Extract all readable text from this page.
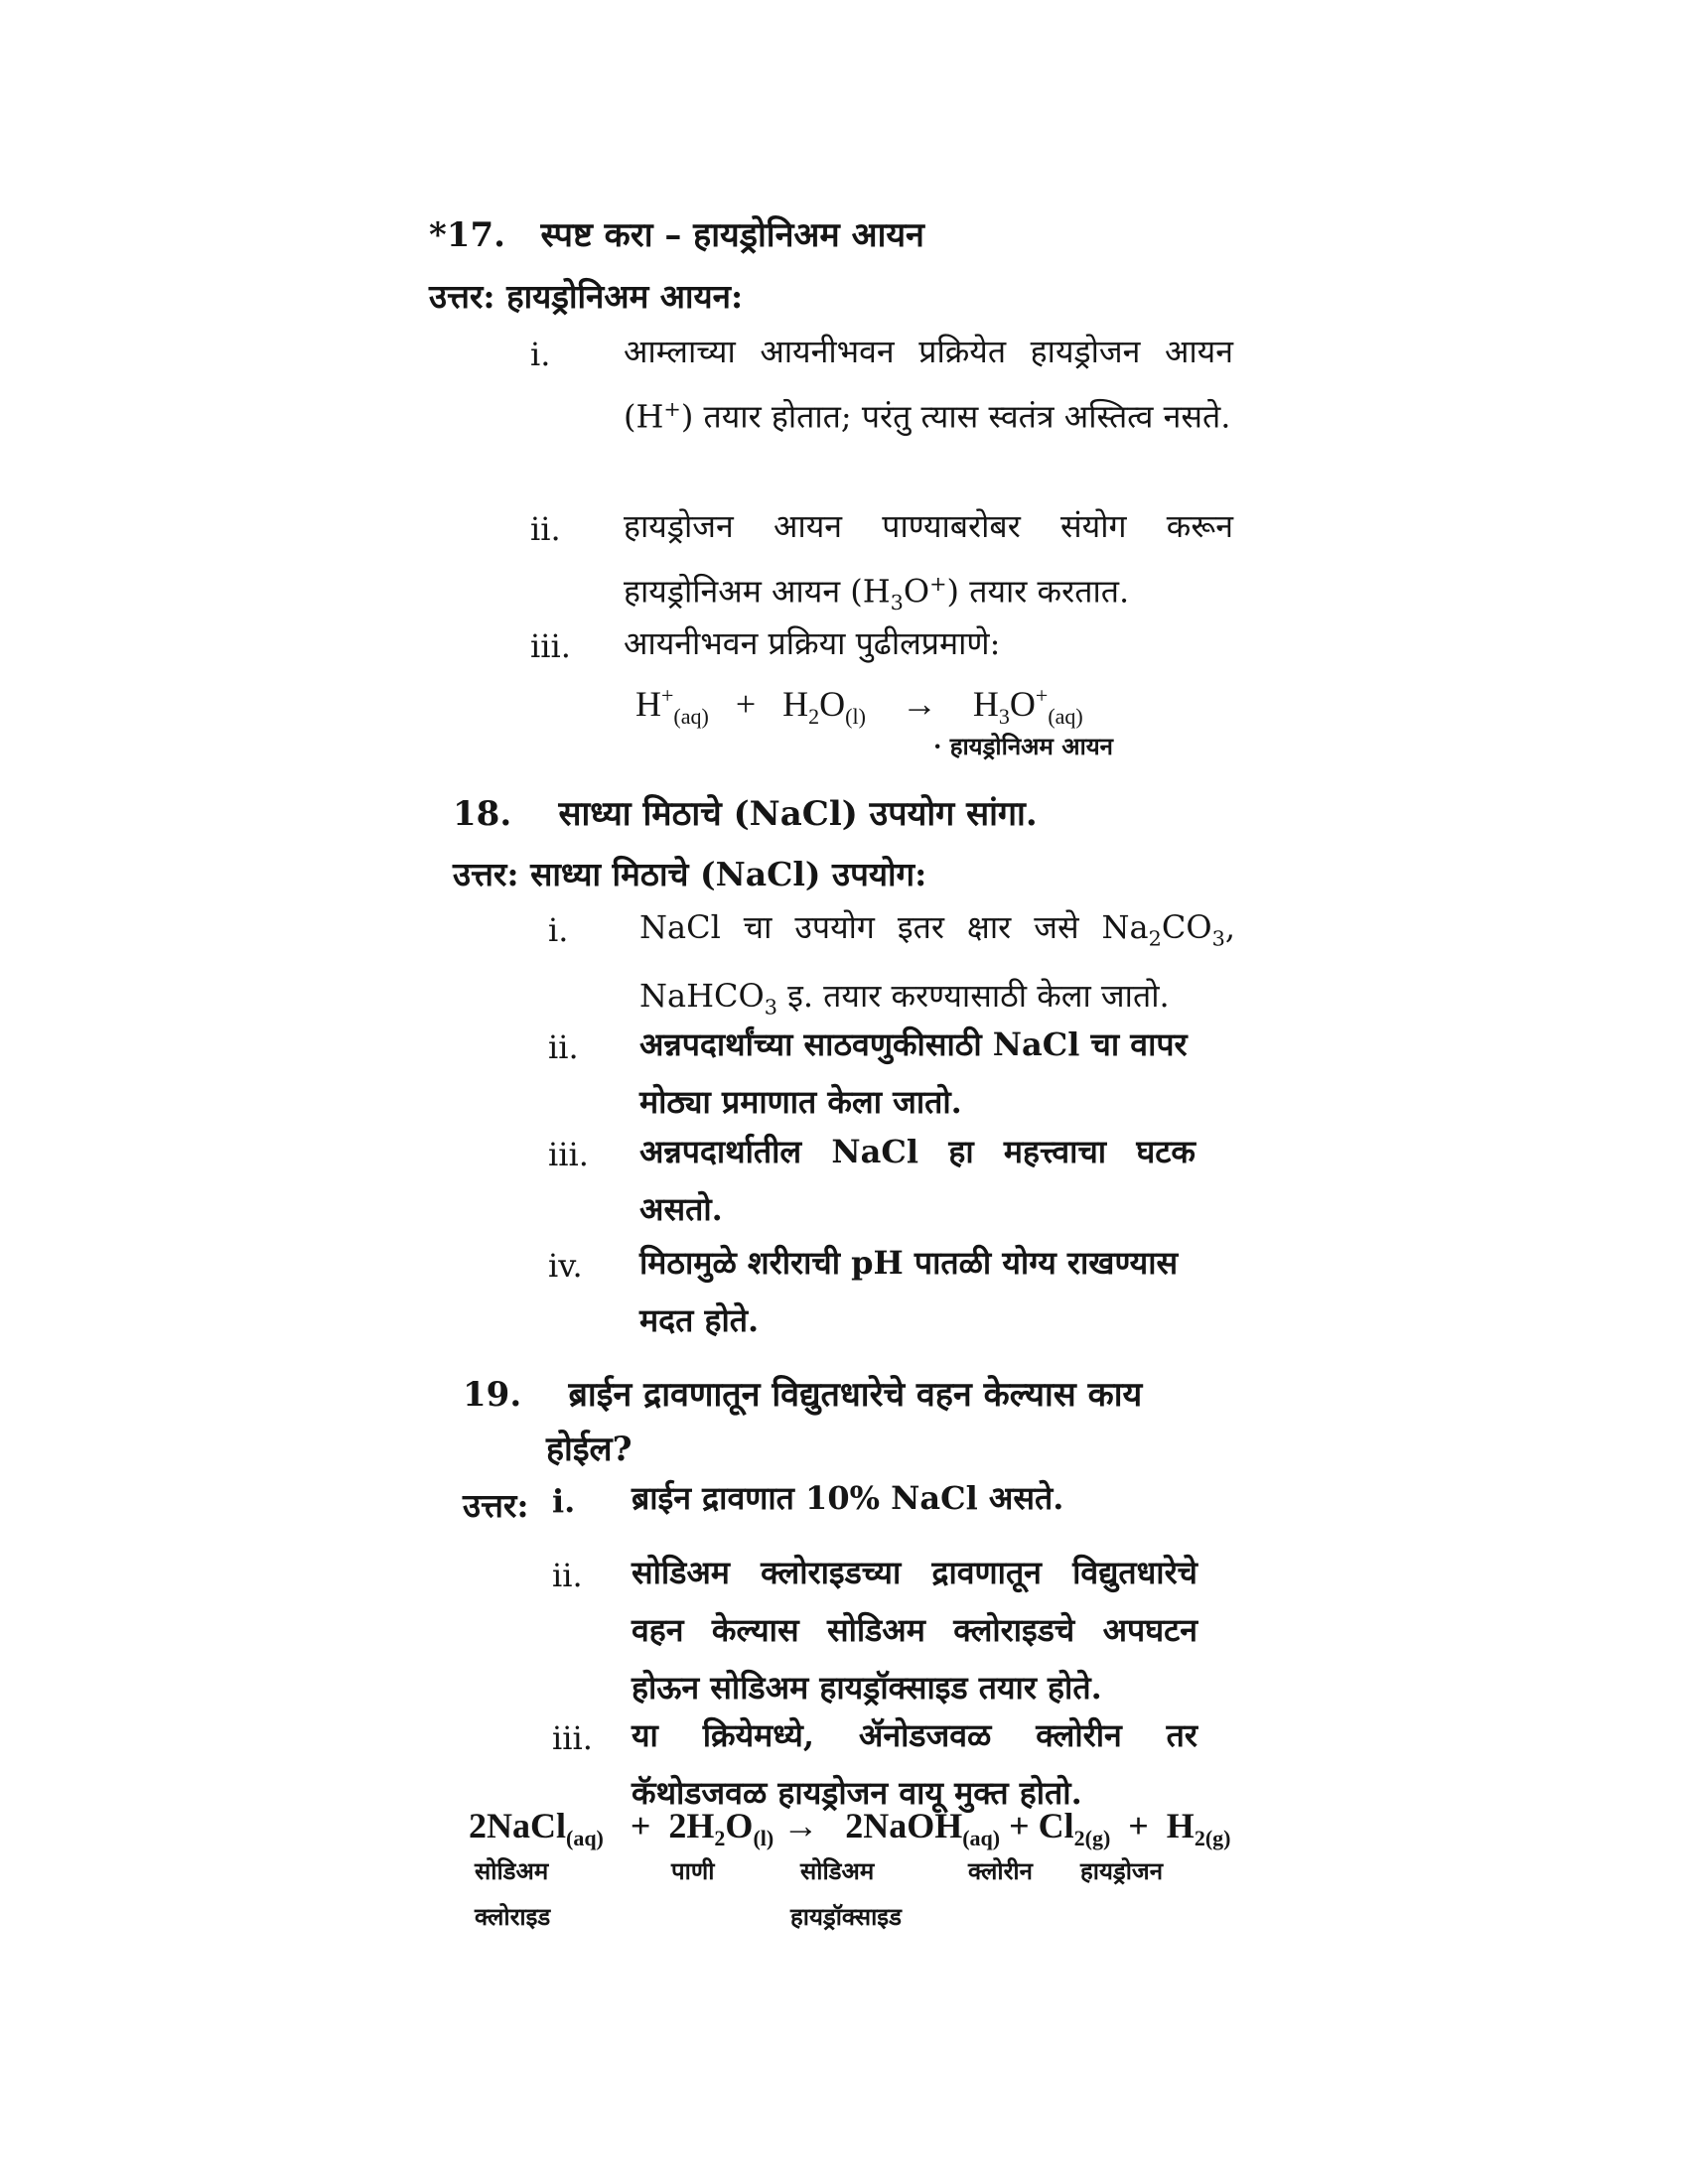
*17. स्पष्ट करा – हायड्रोनिअम आयन
उत्तर: हायड्रोनिअम आयन:
i. आम्लाच्या आयनीभवन प्रक्रियेत हायड्रोजन आयन (H+) तयार होतात; परंतु त्यास स्वतंत्र अस्तित्व नसते.
ii. हायड्रोजन आयन पाण्याबरोबर संयोग करून हायड्रोनिअम आयन $(H_3O^+)$ तयार करतात.
iii. आयनीभवन प्रक्रिया पुढीलप्रमाणे:
$H^+_{(aq)} + H_2O_{(l)} \to H_3O^+_{(aq)}$
· हायड्रोनिअम आयन
18. साध्या मिठाचे (NaCl) उपयोग सांगा.
उत्तर: साध्या मिठाचे (NaCl) उपयोग:
i. NaCl चा उपयोग इतर क्षार जसे $Na_2CO_3$, NaHCO$_3$ इ. तयार करण्यासाठी केला जातो.
ii. अन्नपदार्थांच्या साठवणुकीसाठी NaCl चा वापर मोठ्या प्रमाणात केला जातो.
iii. अन्नपदार्थातील NaCl हा महत्त्वाचा घटक असतो.
iv. मिठामुळे शरीराची pH पातळी योग्य राखण्यास मदत होते.
19. ब्राईन द्रावणातून विद्युतधारेचे वहन केल्यास काय
होईल?
उत्तर: i. ब्राईन द्रावणात 10% NaCl असते.
ii. सोडिअम क्लोराइडच्या द्रावणातून विद्युतधारेचे वहन केल्यास सोडिअम क्लोराइडचे अपघटन होऊन सोडिअम हायड्रॉक्साइड तयार होते.
iii. या क्रियेमध्ये, ॲनोडजवळ क्लोरीन तर कॅथोडजवळ हायड्रोजन वायू मुक्त होतो.
2NaCl$_{(aq)}$ + $2H_2O_{(l)}$ → 2NaOH$_{(aq)}$ + $Cl_{2(g)} + H_{2(g)}$
सोडिअम
क्लोराइड
पाणी	सोडिअम
हायड्रॉक्साइड
क्लोरीन हायड्रोजन
